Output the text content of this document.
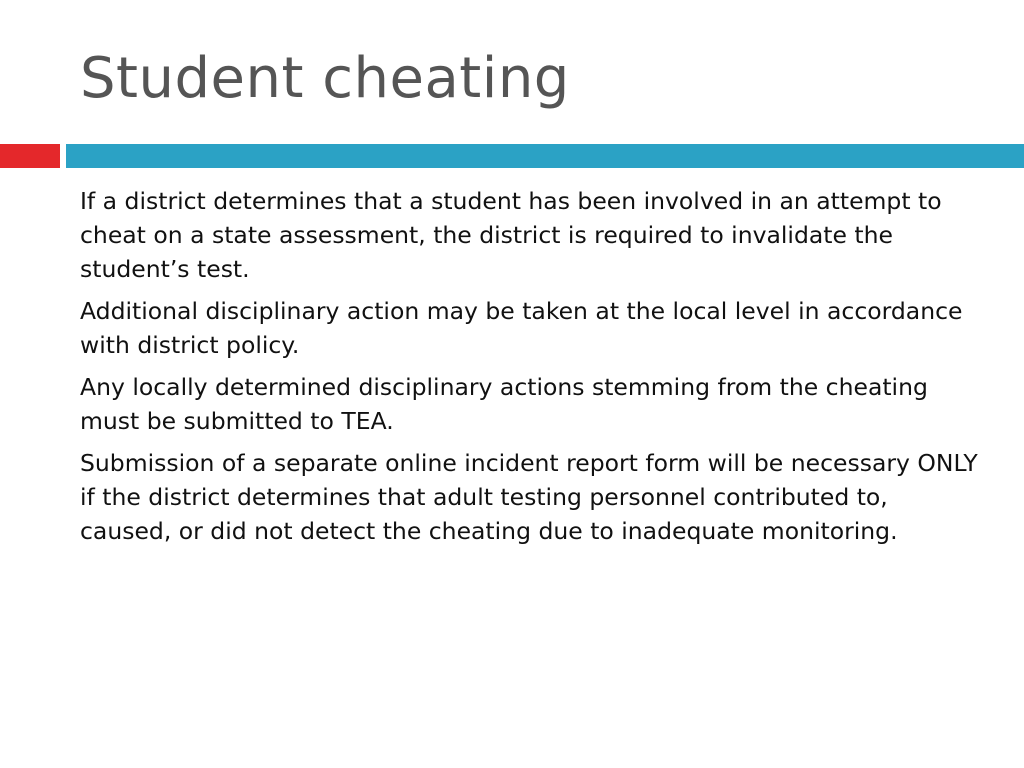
Student cheating

If a district determines that a student has been involved in an attempt to cheat on a state assessment, the district is required to invalidate the student’s test.

Additional disciplinary action may be taken at the local level in accordance with district policy.

Any locally determined disciplinary actions stemming from the cheating must be submitted to TEA.

Submission of a separate online incident report form will be necessary ONLY if the district determines that adult testing personnel contributed to, caused, or did not detect the cheating due to inadequate monitoring.
